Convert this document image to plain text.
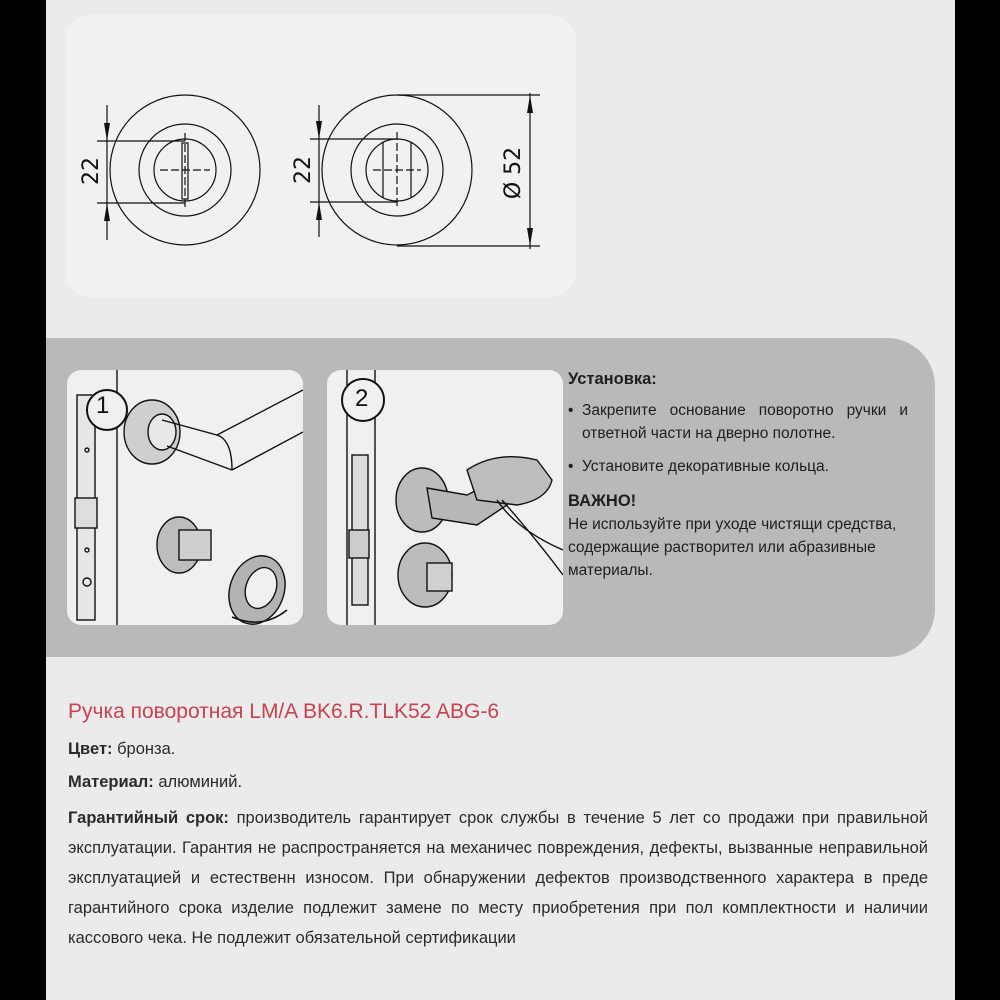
22	22	Ø 52
1	2
Установка:
• Закрепите основание поворотно ручки и ответной части на дверно полотне.
• Установите декоративные кольца.
ВАЖНО!

Не используйте при уходе чистящи средства, содержащие растворител или абразивные материалы.

Ручка поворотная LM/A BK6.R.TLK52 ABG-6

Цвет: бронза.

Материал: алюминий.

Гарантийный срок: производитель гарантирует срок службы в течение 5 лет со продажи при правильной эксплуатации. Гарантия не распространяется на механичес повреждения, дефекты, вызванные неправильной эксплуатацией и естественн износом. При обнаружении дефектов производственного характера в преде гарантийного срока изделие подлежит замене по месту приобретения при пол комплектности и наличии кассового чека. Не подлежит обязательной сертификации
